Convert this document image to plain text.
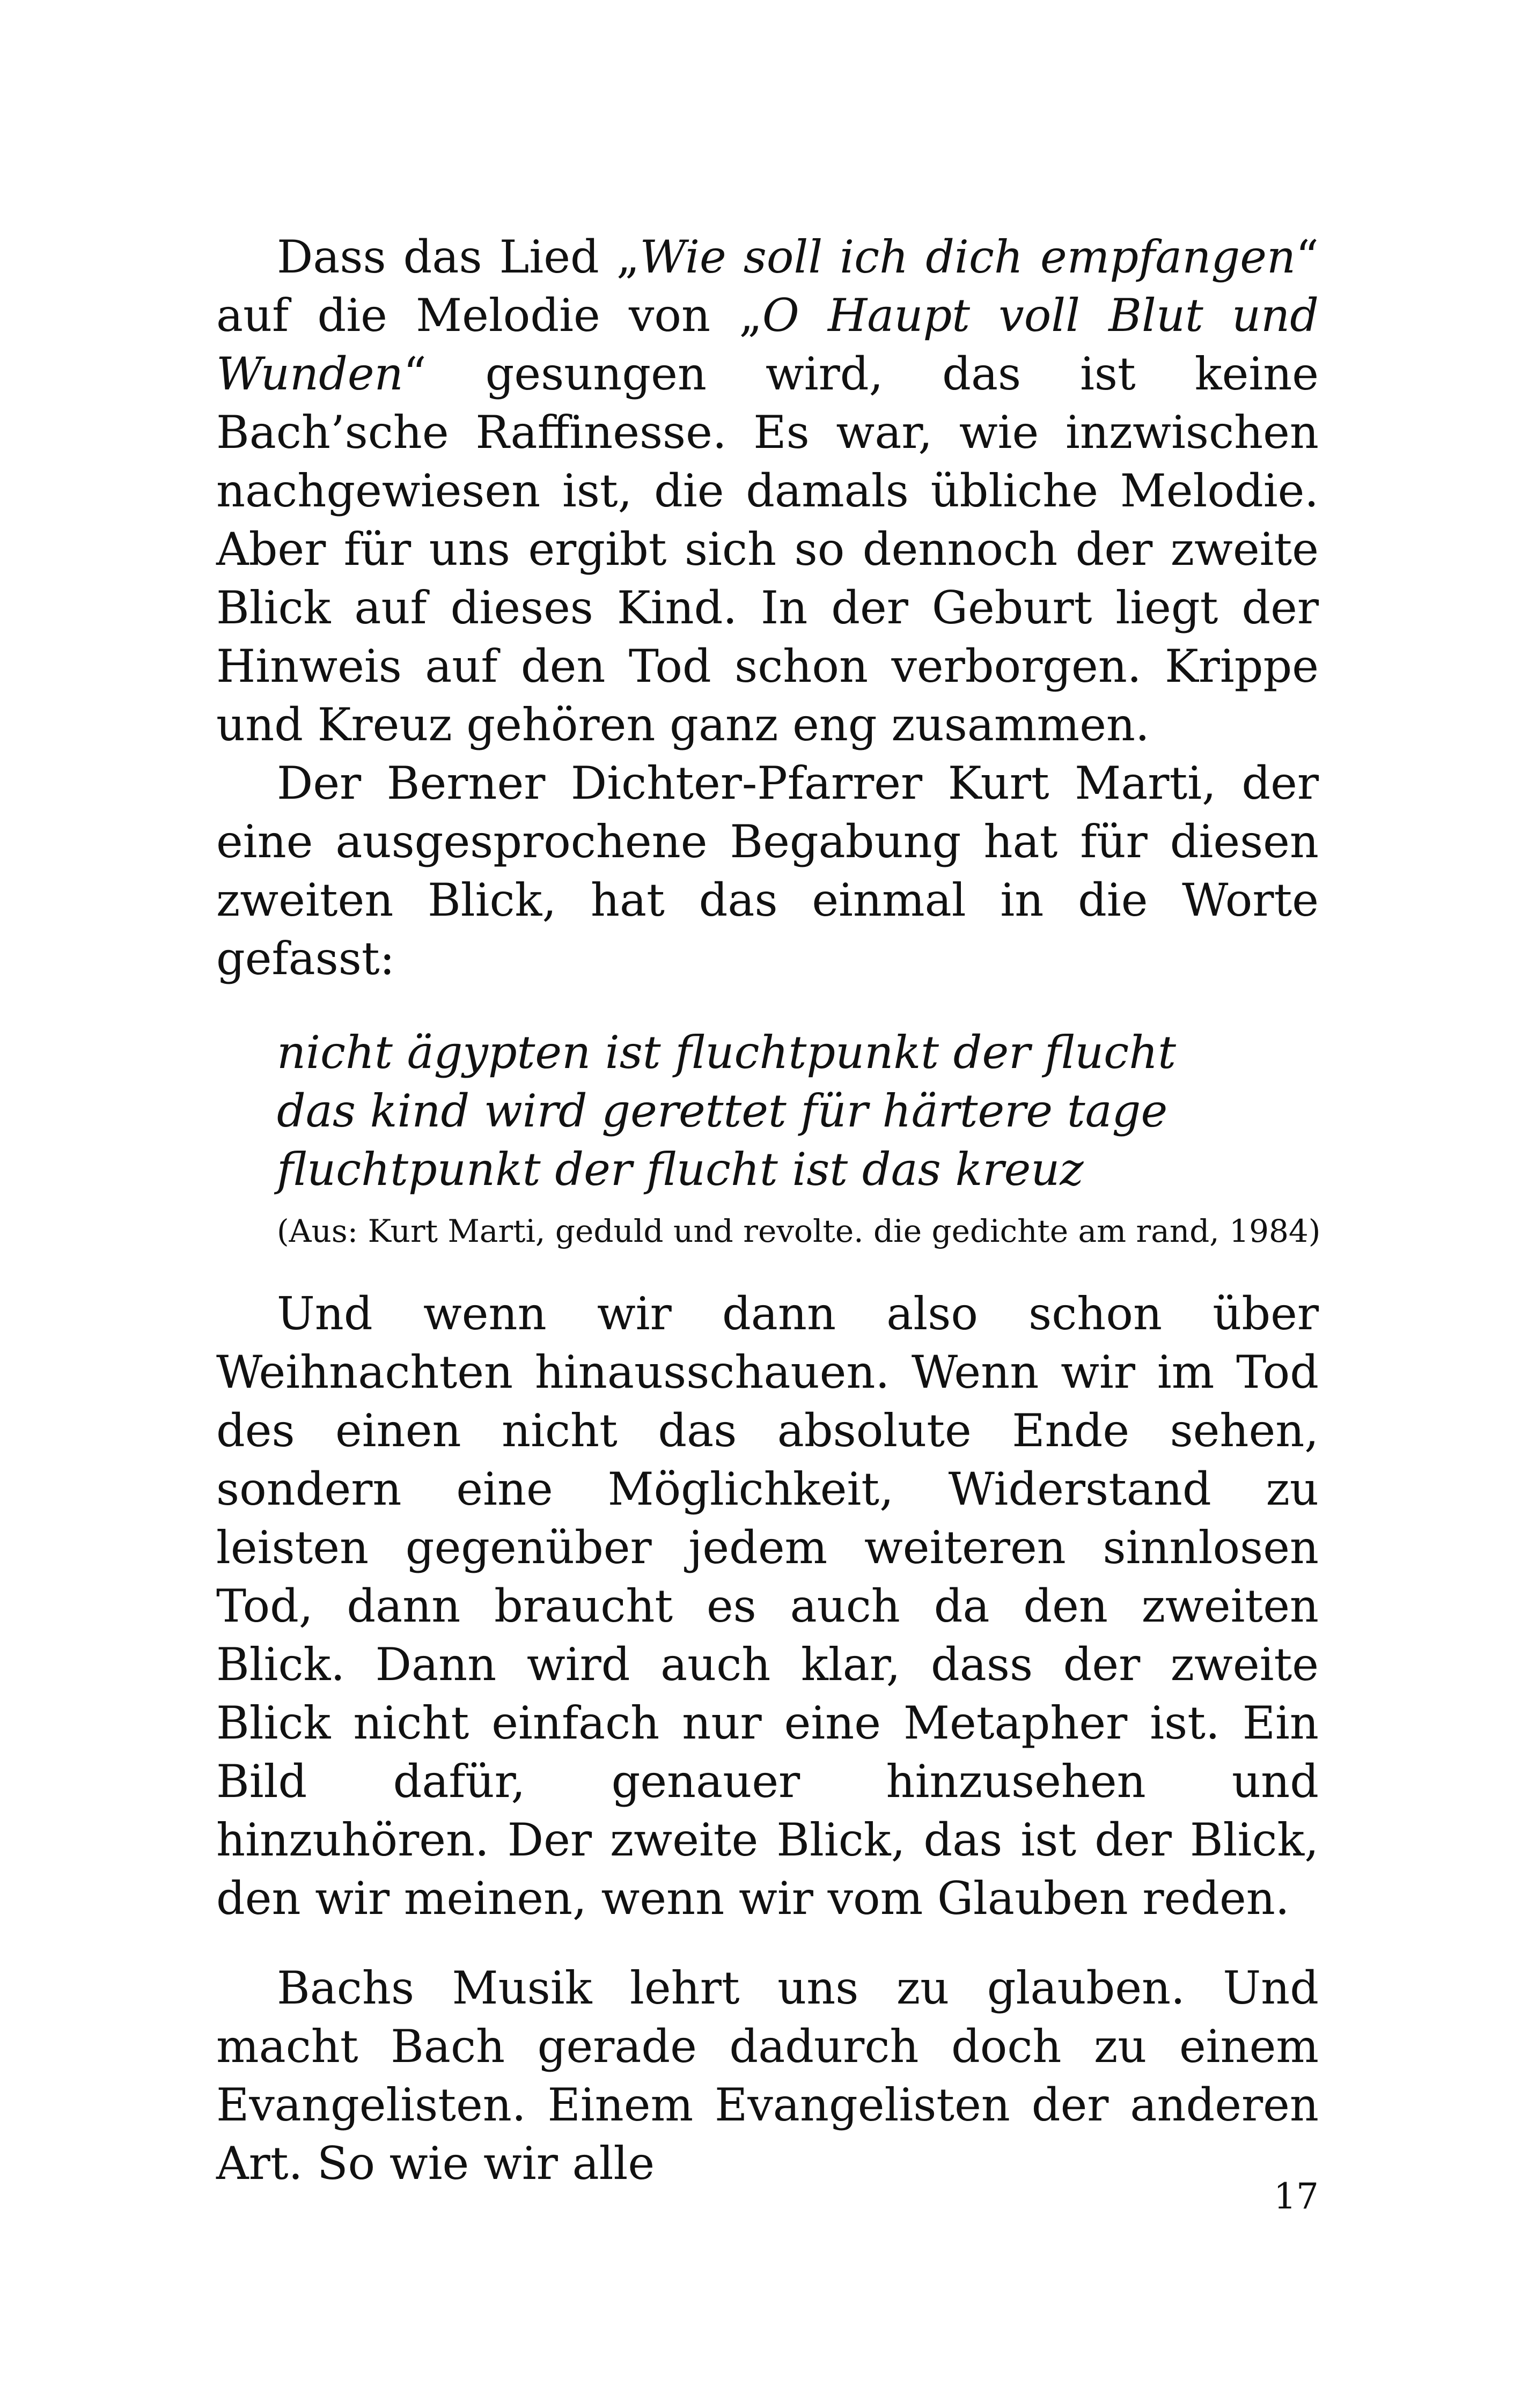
Dass das Lied „Wie soll ich dich empfangen“ auf die Melodie von „O Haupt voll Blut und Wunden“ gesungen wird, das ist keine Bach’sche Raffinesse. Es war, wie inzwischen nachgewiesen ist, die damals übliche Melodie. Aber für uns ergibt sich so dennoch der zweite Blick auf dieses Kind. In der Geburt liegt der Hinweis auf den Tod schon verborgen. Krippe und Kreuz gehören ganz eng zusammen.

Der Berner Dichter-Pfarrer Kurt Marti, der eine ausgesprochene Begabung hat für diesen zweiten Blick, hat das einmal in die Worte gefasst:

nicht ägypten ist fluchtpunkt der flucht
das kind wird gerettet für härtere tage
fluchtpunkt der flucht ist das kreuz
(Aus: Kurt Marti, geduld und revolte. die gedichte am rand, 1984)

Und wenn wir dann also schon über Weihnachten hinausschauen. Wenn wir im Tod des einen nicht das absolute Ende sehen, sondern eine Möglichkeit, Widerstand zu leisten gegenüber jedem weiteren sinnlosen Tod, dann braucht es auch da den zweiten Blick. Dann wird auch klar, dass der zweite Blick nicht einfach nur eine Metapher ist. Ein Bild dafür, genauer hinzusehen und hinzuhören. Der zweite Blick, das ist der Blick, den wir meinen, wenn wir vom Glauben reden.

Bachs Musik lehrt uns zu glauben. Und macht Bach gerade dadurch doch zu einem Evangelisten. Einem Evangelisten der anderen Art. So wie wir alle

17
